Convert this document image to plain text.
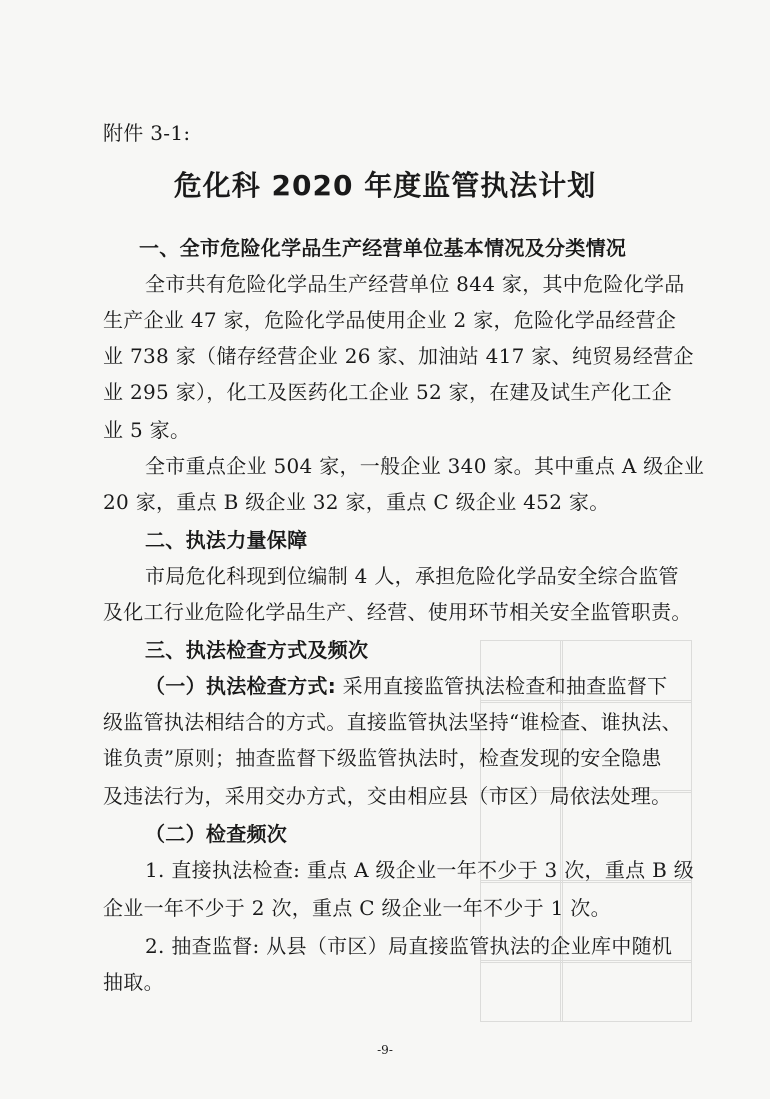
附件 3-1:
危化科 2020 年度监管执法计划
一、全市危险化学品生产经营单位基本情况及分类情况
全市共有危险化学品生产经营单位 844 家，其中危险化学品
生产企业 47 家，危险化学品使用企业 2 家，危险化学品经营企
业 738 家（储存经营企业 26 家、加油站 417 家、纯贸易经营企
业 295 家），化工及医药化工企业 52 家，在建及试生产化工企
业 5 家。
全市重点企业 504 家，一般企业 340 家。其中重点 A 级企业
20 家，重点 B 级企业 32 家，重点 C 级企业 452 家。
二、执法力量保障
市局危化科现到位编制 4 人，承担危险化学品安全综合监管
及化工行业危险化学品生产、经营、使用环节相关安全监管职责。
三、执法检查方式及频次
（一）执法检查方式: 采用直接监管执法检查和抽查监督下
级监管执法相结合的方式。直接监管执法坚持“谁检查、谁执法、
谁负责”原则；抽查监督下级监管执法时，检查发现的安全隐患
及违法行为，采用交办方式，交由相应县（市区）局依法处理。
（二）检查频次
1. 直接执法检查: 重点 A 级企业一年不少于 3 次，重点 B 级
企业一年不少于 2 次，重点 C 级企业一年不少于 1 次。
2. 抽查监督: 从县（市区）局直接监管执法的企业库中随机
抽取。
-9-
